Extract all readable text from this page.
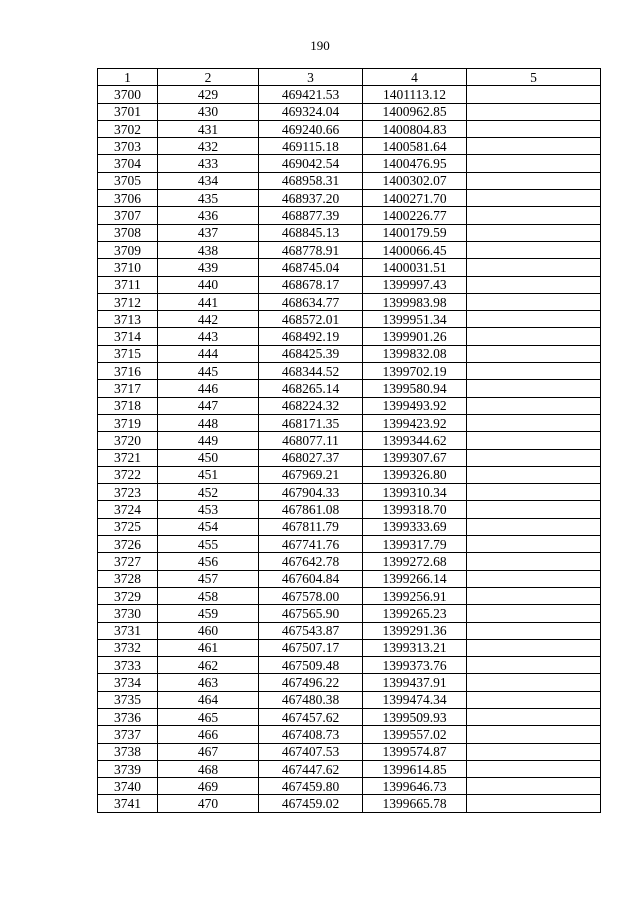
190
1	2	3	4	5
3700	429	469421.53	1401113.12	
3701	430	469324.04	1400962.85	
3702	431	469240.66	1400804.83	
3703	432	469115.18	1400581.64	
3704	433	469042.54	1400476.95	
3705	434	468958.31	1400302.07	
3706	435	468937.20	1400271.70	
3707	436	468877.39	1400226.77	
3708	437	468845.13	1400179.59	
3709	438	468778.91	1400066.45	
3710	439	468745.04	1400031.51	
3711	440	468678.17	1399997.43	
3712	441	468634.77	1399983.98	
3713	442	468572.01	1399951.34	
3714	443	468492.19	1399901.26	
3715	444	468425.39	1399832.08	
3716	445	468344.52	1399702.19	
3717	446	468265.14	1399580.94	
3718	447	468224.32	1399493.92	
3719	448	468171.35	1399423.92	
3720	449	468077.11	1399344.62	
3721	450	468027.37	1399307.67	
3722	451	467969.21	1399326.80	
3723	452	467904.33	1399310.34	
3724	453	467861.08	1399318.70	
3725	454	467811.79	1399333.69	
3726	455	467741.76	1399317.79	
3727	456	467642.78	1399272.68	
3728	457	467604.84	1399266.14	
3729	458	467578.00	1399256.91	
3730	459	467565.90	1399265.23	
3731	460	467543.87	1399291.36	
3732	461	467507.17	1399313.21	
3733	462	467509.48	1399373.76	
3734	463	467496.22	1399437.91	
3735	464	467480.38	1399474.34	
3736	465	467457.62	1399509.93	
3737	466	467408.73	1399557.02	
3738	467	467407.53	1399574.87	
3739	468	467447.62	1399614.85	
3740	469	467459.80	1399646.73	
3741	470	467459.02	1399665.78	
